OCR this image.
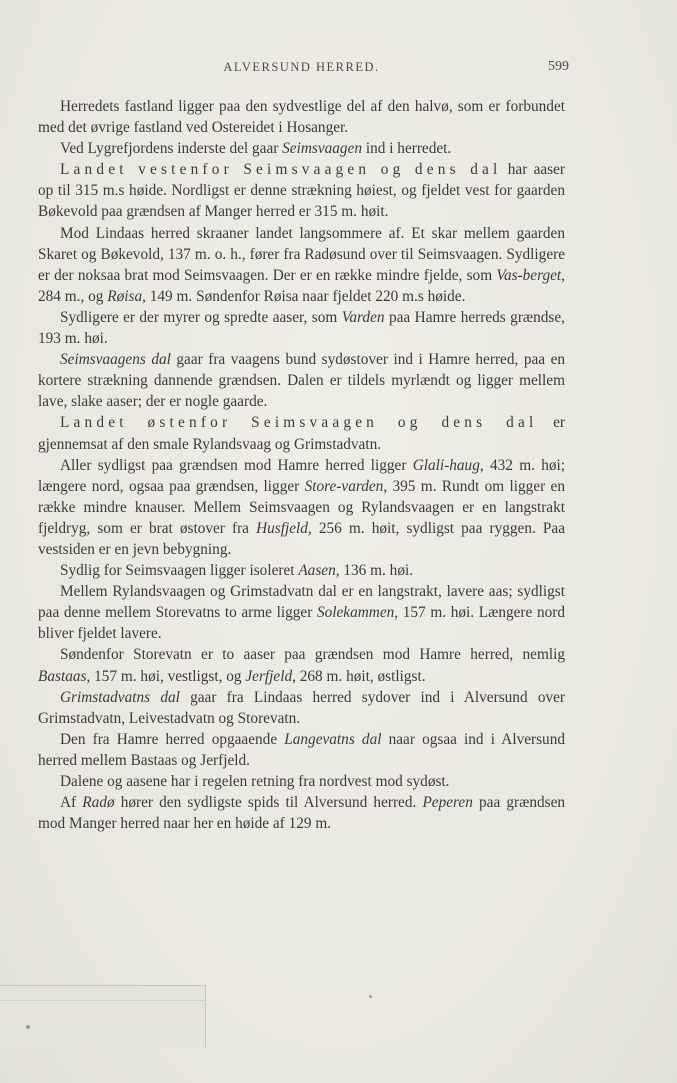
ALVERSUND HERRED.	599

Herredets fastland ligger paa den sydvestlige del af den halvø, som er forbundet med det øvrige fastland ved Ostereidet i Hosanger.

Ved Lygrefjordens inderste del gaar Seimsvaagen ind i herredet.

Landet vestenfor Seimsvaagen og dens dal har aaser op til 315 m.s høide. Nordligst er denne strækning høiest, og fjeldet vest for gaarden Bøkevold paa grændsen af Manger herred er 315 m. høit.

Mod Lindaas herred skraaner landet langsommere af. Et skar mellem gaarden Skaret og Bøkevold, 137 m. o. h., fører fra Radøsund over til Seimsvaagen. Sydligere er der noksaa brat mod Seimsvaagen. Der er en række mindre fjelde, som Vas-berget, 284 m., og Røisa, 149 m. Søndenfor Røisa naar fjeldet 220 m.s høide.

Sydligere er der myrer og spredte aaser, som Varden paa Hamre herreds grændse, 193 m. høi.

Seimsvaagens dal gaar fra vaagens bund sydøstover ind i Hamre herred, paa en kortere strækning dannende grændsen. Dalen er tildels myrlændt og ligger mellem lave, slake aaser; der er nogle gaarde.

Landet østenfor Seimsvaagen og dens dal er gjennemsat af den smale Rylandsvaag og Grimstadvatn.

Aller sydligst paa grændsen mod Hamre herred ligger Glali-haug, 432 m. høi; længere nord, ogsaa paa grændsen, ligger Store-varden, 395 m. Rundt om ligger en række mindre knauser. Mellem Seimsvaagen og Rylandsvaagen er en langstrakt fjeldryg, som er brat østover fra Husfjeld, 256 m. høit, sydligst paa ryggen. Paa vestsiden er en jevn bebygning.

Sydlig for Seimsvaagen ligger isoleret Aasen, 136 m. høi.

Mellem Rylandsvaagen og Grimstadvatn dal er en langstrakt, lavere aas; sydligst paa denne mellem Storevatns to arme ligger Solekammen, 157 m. høi. Længere nord bliver fjeldet lavere.

Søndenfor Storevatn er to aaser paa grændsen mod Hamre herred, nemlig Bastaas, 157 m. høi, vestligst, og Jerfjeld, 268 m. høit, østligst.

Grimstadvatns dal gaar fra Lindaas herred sydover ind i Alversund over Grimstadvatn, Leivestadvatn og Storevatn.

Den fra Hamre herred opgaaende Langevatns dal naar ogsaa ind i Alversund herred mellem Bastaas og Jerfjeld.

Dalene og aasene har i regelen retning fra nordvest mod sydøst.

Af Radø hører den sydligste spids til Alversund herred. Peperen paa grændsen mod Manger herred naar her en høide af 129 m.
